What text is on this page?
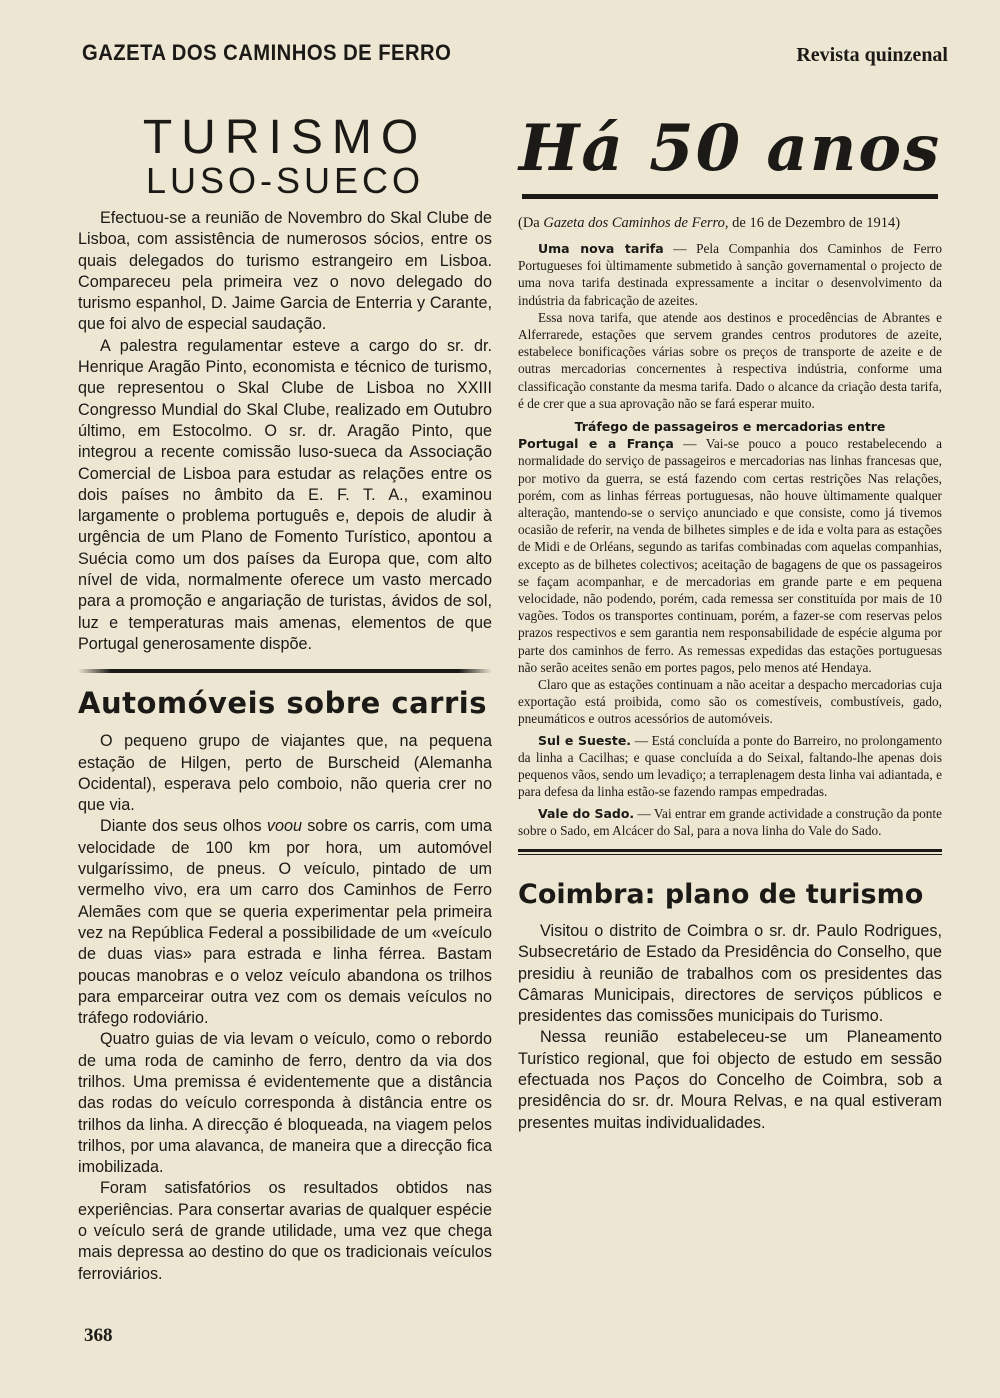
GAZETA DOS CAMINHOS DE FERRO	Revista quinzenal
TURISMO
LUSO-SUECO

Efectuou-se a reunião de Novembro do Skal Clube de Lisboa, com assistência de numerosos sócios, entre os quais delegados do turismo estrangeiro em Lisboa. Compareceu pela primeira vez o novo delegado do turismo espanhol, D. Jaime Garcia de Enterria y Carante, que foi alvo de especial saudação.

A palestra regulamentar esteve a cargo do sr. dr. Henrique Aragão Pinto, economista e técnico de turismo, que representou o Skal Clube de Lisboa no XXIII Congresso Mundial do Skal Clube, realizado em Outubro último, em Estocolmo. O sr. dr. Aragão Pinto, que integrou a recente comissão luso-sueca da Associação Comercial de Lisboa para estudar as relações entre os dois países no âmbito da E. F. T. A., examinou largamente o problema português e, depois de aludir à urgência de um Plano de Fomento Turístico, apontou a Suécia como um dos países da Europa que, com alto nível de vida, normalmente oferece um vasto mercado para a promoção e angariação de turistas, ávidos de sol, luz e temperaturas mais amenas, elementos de que Portugal generosamente dispõe.

Automóveis sobre carris

O pequeno grupo de viajantes que, na pequena estação de Hilgen, perto de Burscheid (Alemanha Ocidental), esperava pelo comboio, não queria crer no que via.

Diante dos seus olhos voou sobre os carris, com uma velocidade de 100 km por hora, um automóvel vulgaríssimo, de pneus. O veículo, pintado de um vermelho vivo, era um carro dos Caminhos de Ferro Alemães com que se queria experimentar pela primeira vez na República Federal a possibilidade de um «veículo de duas vias» para estrada e linha férrea. Bastam poucas manobras e o veloz veículo abandona os trilhos para emparceirar outra vez com os demais veículos no tráfego rodoviário.

Quatro guias de via levam o veículo, como o rebordo de uma roda de caminho de ferro, dentro da via dos trilhos. Uma premissa é evidentemente que a distância das rodas do veículo corresponda à distância entre os trilhos da linha. A direcção é bloqueada, na viagem pelos trilhos, por uma alavanca, de maneira que a direcção fica imobilizada.

Foram satisfatórios os resultados obtidos nas experiências. Para consertar avarias de qualquer espécie o veículo será de grande utilidade, uma vez que chega mais depressa ao destino do que os tradicionais veículos ferroviários.

Há 50 anos

(Da Gazeta dos Caminhos de Ferro, de 16 de Dezembro de 1914)

Uma nova tarifa — Pela Companhia dos Caminhos de Ferro Portugueses foi ùltimamente submetido à sanção governamental o projecto de uma nova tarifa destinada expressamente a incitar o desenvolvimento da indústria da fabricação de azeites.

Essa nova tarifa, que atende aos destinos e procedências de Abrantes e Alferrarede, estações que servem grandes centros produtores de azeite, estabelece bonificações várias sobre os preços de transporte de azeite e de outras mercadorias concernentes à respectiva indústria, conforme uma classificação constante da mesma tarifa. Dado o alcance da criação desta tarifa, é de crer que a sua aprovação não se fará esperar muito.

Tráfego de passageiros e mercadorias entre
Portugal e a França — Vai-se pouco a pouco restabelecendo a normalidade do serviço de passageiros e mercadorias nas linhas francesas que, por motivo da guerra, se está fazendo com certas restrições Nas relações, porém, com as linhas férreas portuguesas, não houve ùltimamente qualquer alteração, mantendo-se o serviço anunciado e que consiste, como já tivemos ocasião de referir, na venda de bilhetes simples e de ida e volta para as estações de Midi e de Orléans, segundo as tarifas combinadas com aquelas companhias, excepto as de bilhetes colectivos; aceitação de bagagens de que os passageiros se façam acompanhar, e de mercadorias em grande parte e em pequena velocidade, não podendo, porém, cada remessa ser constituída por mais de 10 vagões. Todos os transportes continuam, porém, a fazer-se com reservas pelos prazos respectivos e sem garantia nem responsabilidade de espécie alguma por parte dos caminhos de ferro. As remessas expedidas das estações portuguesas não serão aceites senão em portes pagos, pelo menos até Hendaya.

Claro que as estações continuam a não aceitar a despacho mercadorias cuja exportação está proibida, como são os comestíveis, combustíveis, gado, pneumáticos e outros acessórios de automóveis.

Sul e Sueste. — Está concluída a ponte do Barreiro, no prolongamento da linha a Cacilhas; e quase concluída a do Seixal, faltando-lhe apenas dois pequenos vãos, sendo um levadiço; a terraplenagem desta linha vai adiantada, e para defesa da linha estão-se fazendo rampas empedradas.

Vale do Sado. — Vai entrar em grande actividade a construção da ponte sobre o Sado, em Alcácer do Sal, para a nova linha do Vale do Sado.

Coimbra: plano de turismo

Visitou o distrito de Coimbra o sr. dr. Paulo Rodrigues, Subsecretário de Estado da Presidência do Conselho, que presidiu à reunião de trabalhos com os presidentes das Câmaras Municipais, directores de serviços públicos e presidentes das comissões municipais do Turismo.

Nessa reunião estabeleceu-se um Planeamento Turístico regional, que foi objecto de estudo em sessão efectuada nos Paços do Concelho de Coimbra, sob a presidência do sr. dr. Moura Relvas, e na qual estiveram presentes muitas individualidades.

368
